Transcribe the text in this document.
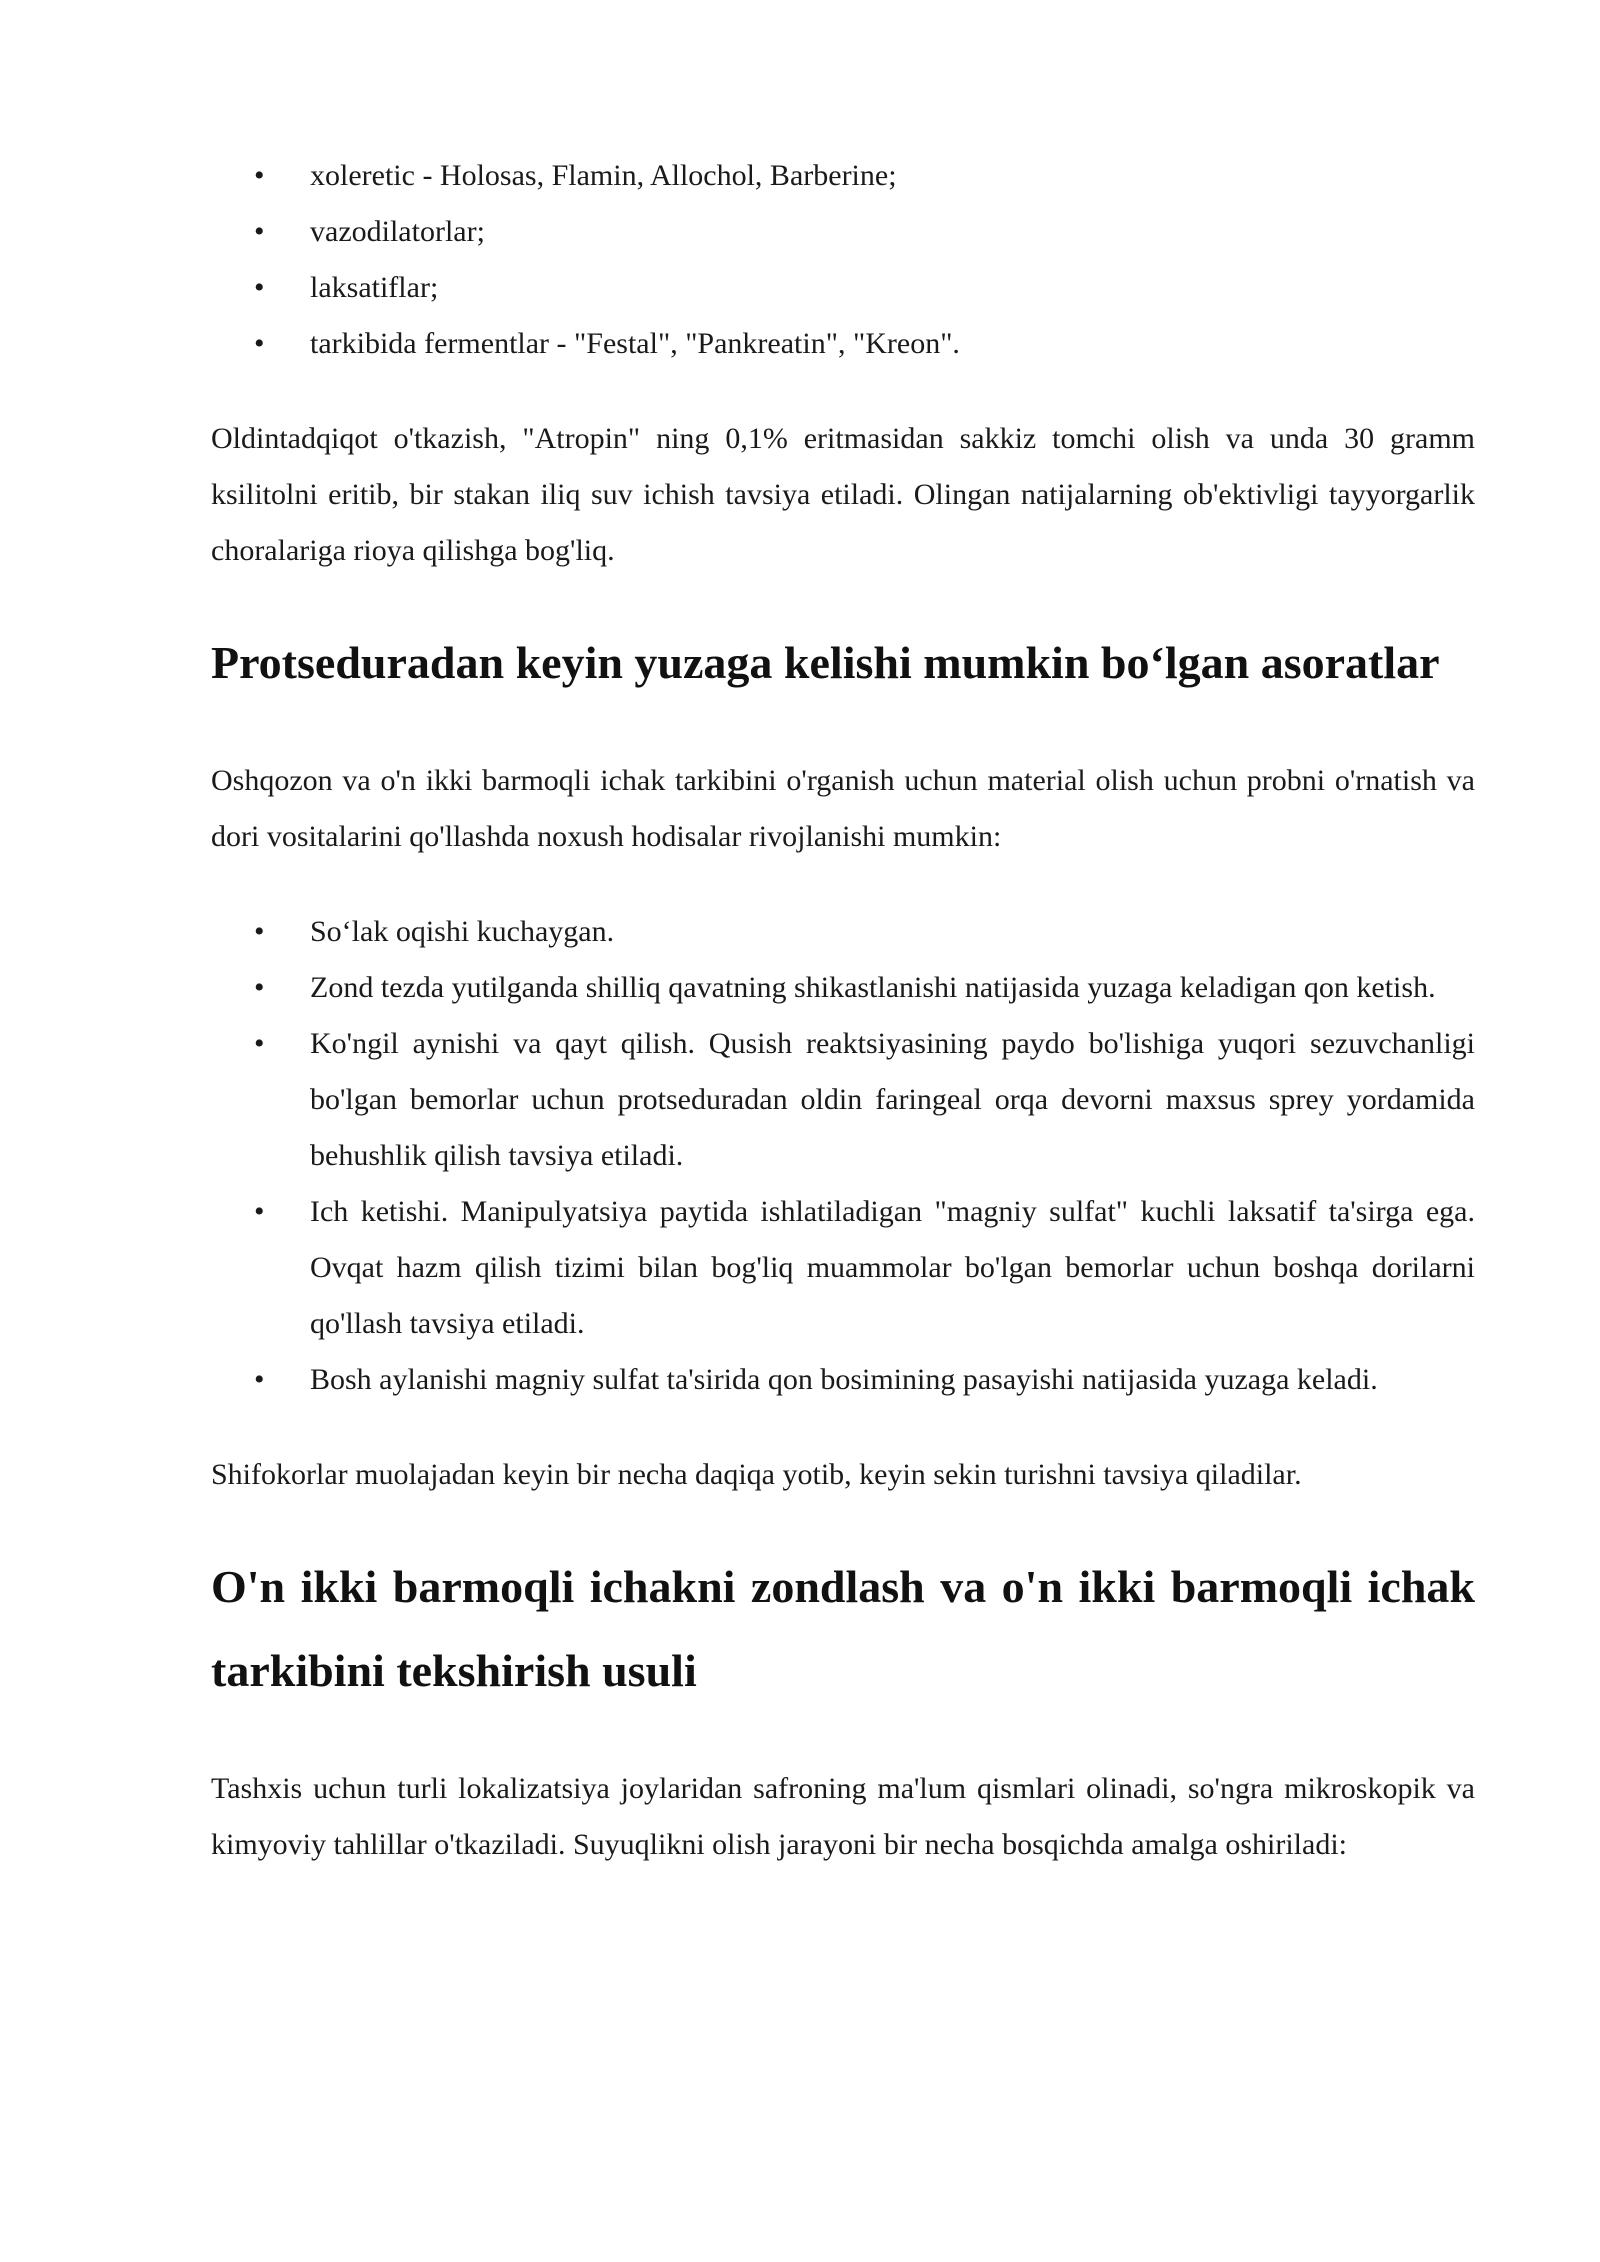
• xoleretic - Holosas, Flamin, Allochol, Barberine;
• vazodilatorlar;
• laksatiflar;
• tarkibida fermentlar - "Festal", "Pankreatin", "Kreon".

Oldintadqiqot o'tkazish, "Atropin" ning 0,1% eritmasidan sakkiz tomchi olish va unda 30 gramm ksilitolni eritib, bir stakan iliq suv ichish tavsiya etiladi. Olingan natijalarning ob'ektivligi tayyorgarlik choralariga rioya qilishga bog'liq.

Protseduradan keyin yuzaga kelishi mumkin bo‘lgan asoratlar

Oshqozon va o'n ikki barmoqli ichak tarkibini o'rganish uchun material olish uchun probni o'rnatish va dori vositalarini qo'llashda noxush hodisalar rivojlanishi mumkin:

• So‘lak oqishi kuchaygan.
• Zond tezda yutilganda shilliq qavatning shikastlanishi natijasida yuzaga keladigan qon ketish.
• Ko'ngil aynishi va qayt qilish. Qusish reaktsiyasining paydo bo'lishiga yuqori sezuvchanligi bo'lgan bemorlar uchun protseduradan oldin faringeal orqa devorni maxsus sprey yordamida behushlik qilish tavsiya etiladi.
• Ich ketishi. Manipulyatsiya paytida ishlatiladigan "magniy sulfat" kuchli laksatif ta'sirga ega. Ovqat hazm qilish tizimi bilan bog'liq muammolar bo'lgan bemorlar uchun boshqa dorilarni qo'llash tavsiya etiladi.
• Bosh aylanishi magniy sulfat ta'sirida qon bosimining pasayishi natijasida yuzaga keladi.

Shifokorlar muolajadan keyin bir necha daqiqa yotib, keyin sekin turishni tavsiya qiladilar.

O'n ikki barmoqli ichakni zondlash va o'n ikki barmoqli ichak tarkibini tekshirish usuli

Tashxis uchun turli lokalizatsiya joylaridan safroning ma'lum qismlari olinadi, so'ngra mikroskopik va kimyoviy tahlillar o'tkaziladi. Suyuqlikni olish jarayoni bir necha bosqichda amalga oshiriladi:
